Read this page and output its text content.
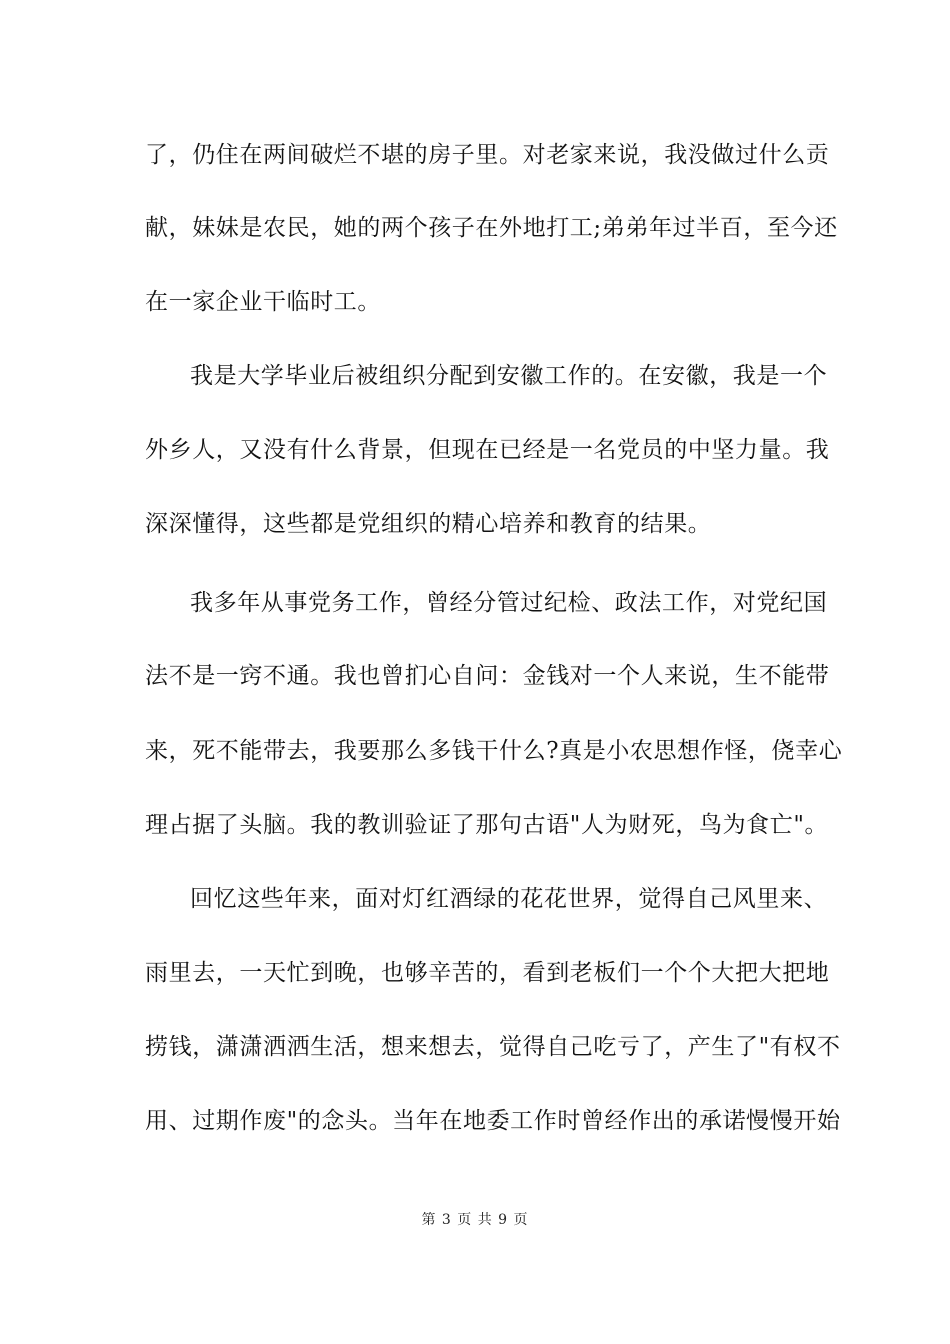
了，仍住在两间破烂不堪的房子里。对老家来说，我没做过什么贡
献，妹妹是农民，她的两个孩子在外地打工;弟弟年过半百，至今还
在一家企业干临时工。
我是大学毕业后被组织分配到安徽工作的。在安徽，我是一个
外乡人，又没有什么背景，但现在已经是一名党员的中坚力量。我
深深懂得，这些都是党组织的精心培养和教育的结果。
我多年从事党务工作，曾经分管过纪检、政法工作，对党纪国
法不是一窍不通。我也曾扪心自问：金钱对一个人来说，生不能带
来，死不能带去，我要那么多钱干什么?真是小农思想作怪，侥幸心
理占据了头脑。我的教训验证了那句古语"人为财死，鸟为食亡"。
回忆这些年来，面对灯红酒绿的花花世界，觉得自己风里来、
雨里去，一天忙到晚，也够辛苦的，看到老板们一个个大把大把地
捞钱，潇潇洒洒生活，想来想去，觉得自己吃亏了，产生了"有权不
用、过期作废"的念头。当年在地委工作时曾经作出的承诺慢慢开始
第 3 页 共 9 页
